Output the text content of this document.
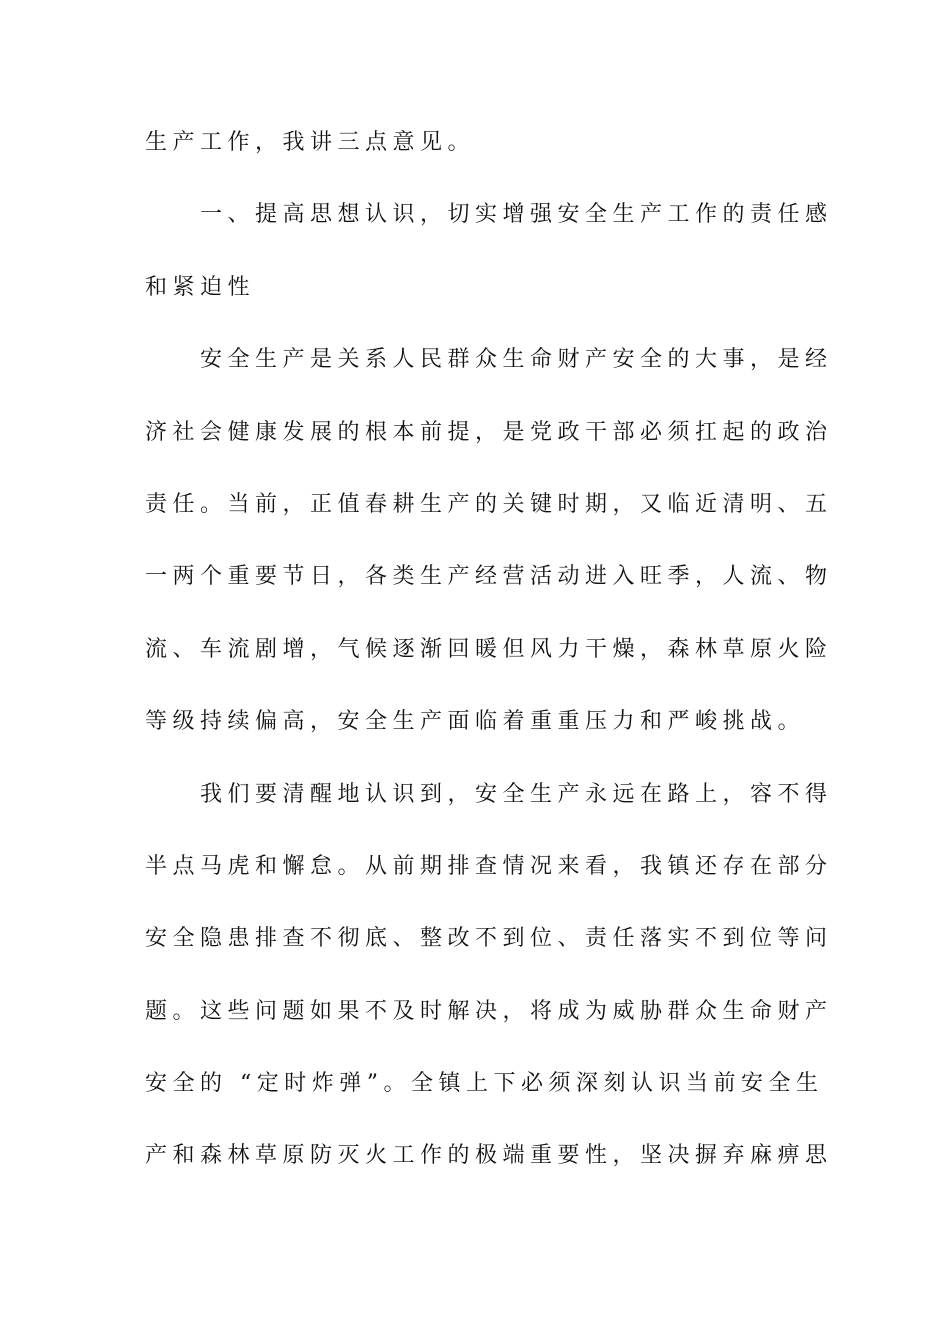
生产工作，我讲三点意见。
一、提高思想认识，切实增强安全生产工作的责任感
和紧迫性
安全生产是关系人民群众生命财产安全的大事，是经
济社会健康发展的根本前提，是党政干部必须扛起的政治
责任。当前，正值春耕生产的关键时期，又临近清明、五
一两个重要节日，各类生产经营活动进入旺季，人流、物
流、车流剧增，气候逐渐回暖但风力干燥，森林草原火险
等级持续偏高，安全生产面临着重重压力和严峻挑战。
我们要清醒地认识到，安全生产永远在路上，容不得
半点马虎和懈怠。从前期排查情况来看，我镇还存在部分
安全隐患排查不彻底、整改不到位、责任落实不到位等问
题。这些问题如果不及时解决，将成为威胁群众生命财产
安全的 “定时炸弹”。全镇上下必须深刻认识当前安全生
产和森林草原防灭火工作的极端重要性，坚决摒弃麻痹思
